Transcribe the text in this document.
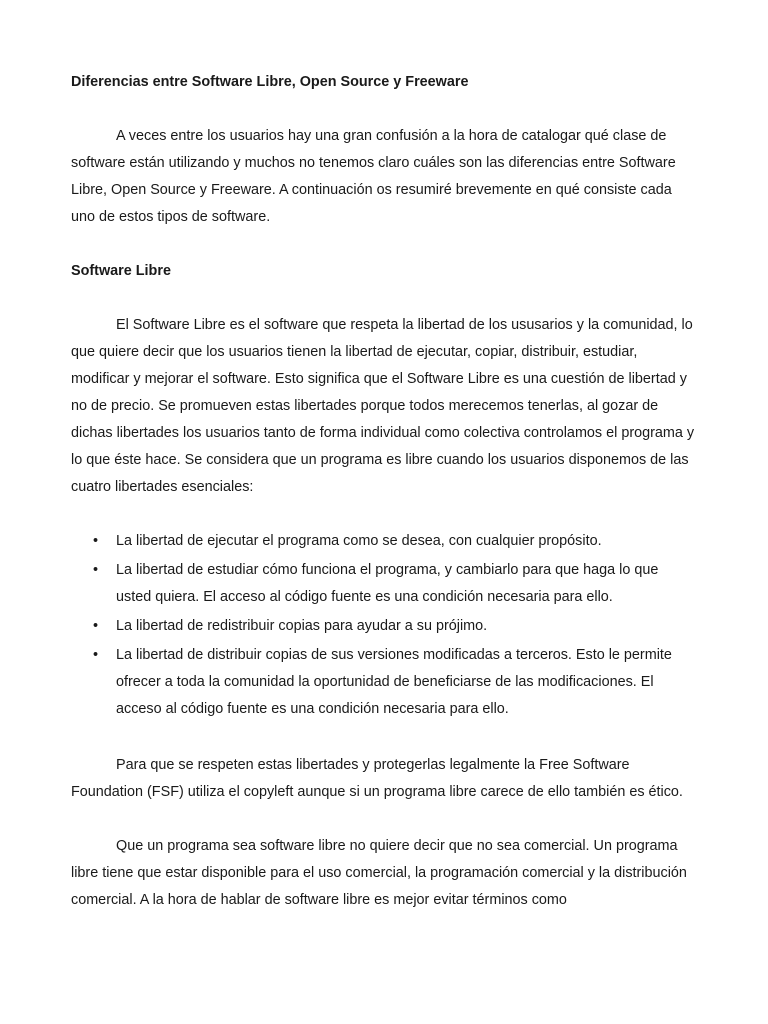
Diferencias entre Software Libre, Open Source y Freeware

A veces entre los usuarios hay una gran confusión a la hora de catalogar qué clase de software están utilizando y muchos no tenemos claro cuáles son las diferencias entre Software Libre, Open Source y Freeware. A continuación os resumiré brevemente en qué consiste cada uno de estos tipos de software.

Software Libre

El Software Libre es el software que respeta la libertad de los ususarios y la comunidad, lo que quiere decir que los usuarios tienen la libertad de ejecutar, copiar, distribuir, estudiar, modificar y mejorar el software. Esto significa que el Software Libre es una cuestión de libertad y no de precio. Se promueven estas libertades porque todos merecemos tenerlas, al gozar de dichas libertades los usuarios tanto de forma individual como colectiva controlamos el programa y lo que éste hace. Se considera que un programa es libre cuando los usuarios disponemos de las cuatro libertades esenciales:

• La libertad de ejecutar el programa como se desea, con cualquier propósito.
• La libertad de estudiar cómo funciona el programa, y cambiarlo para que haga lo que usted quiera. El acceso al código fuente es una condición necesaria para ello.
• La libertad de redistribuir copias para ayudar a su prójimo.
• La libertad de distribuir copias de sus versiones modificadas a terceros. Esto le permite ofrecer a toda la comunidad la oportunidad de beneficiarse de las modificaciones. El acceso al código fuente es una condición necesaria para ello.

Para que se respeten estas libertades y protegerlas legalmente la Free Software Foundation (FSF) utiliza el copyleft aunque si un programa libre carece de ello también es ético.

Que un programa sea software libre no quiere decir que no sea comercial. Un programa libre tiene que estar disponible para el uso comercial, la programación comercial y la distribución comercial. A la hora de hablar de software libre es mejor evitar términos como
